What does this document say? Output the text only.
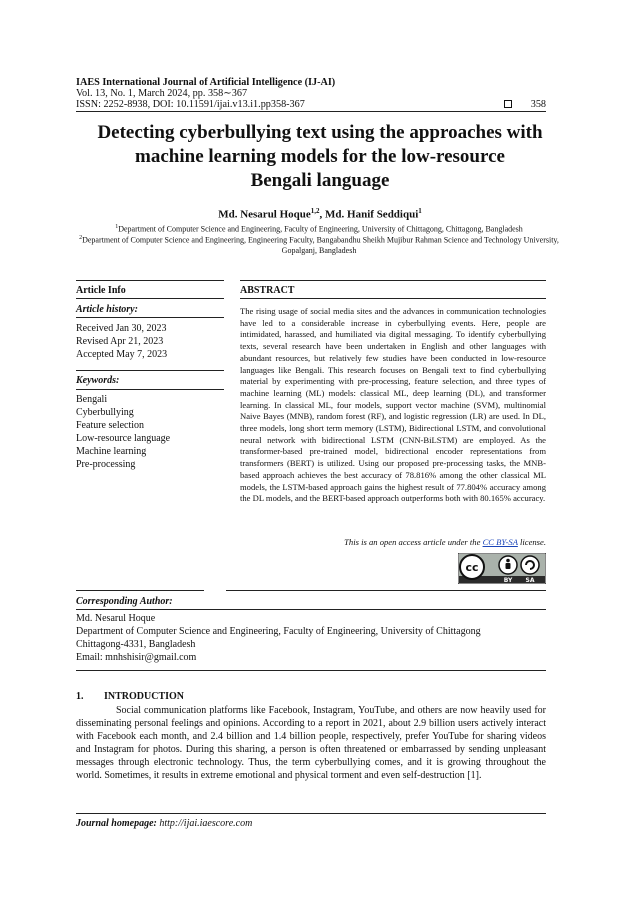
IAES International Journal of Artificial Intelligence (IJ-AI)
Vol. 13, No. 1, March 2024, pp. 358∼367
ISSN: 2252-8938, DOI: 10.11591/ijai.v13.i1.pp358-367	358
Detecting cyberbullying text using the approaches with
machine learning models for the low-resource
Bengali language
Md. Nesarul Hoque$^{1,2}$, Md. Hanif Seddiqui$^1$
$^1$Department of Computer Science and Engineering, Faculty of Engineering, University of Chittagong, Chittagong, Bangladesh
$^2$Department of Computer Science and Engineering, Engineering Faculty, Bangabandhu Sheikh Mujibur Rahman Science and Technology University, Gopalganj, Bangladesh
Article Info	ABSTRACT
Article history:
Received Jan 30, 2023
Revised Apr 21, 2023
Accepted May 7, 2023
Keywords:
Bengali
Cyberbullying
Feature selection
Low-resource language
Machine learning
Pre-processing
The rising usage of social media sites and the advances in communication technologies have led to a considerable increase in cyberbullying events. Here, people are intimidated, harassed, and humiliated via digital messaging. To identify cyberbullying texts, several research have been undertaken in English and other languages with abundant resources, but relatively few studies have been conducted in low-resource languages like Bengali. This research focuses on Bengali text to find cyberbullying material by experimenting with pre-processing, feature selection, and three types of machine learning (ML) models: classical ML, deep learning (DL), and transformer learning. In classical ML, four models, support vector machine (SVM), multinomial Naive Bayes (MNB), random forest (RF), and logistic regression (LR) are used. In DL, three models, long short term memory (LSTM), Bidirectional LSTM, and convolutional neural network with bidirectional LSTM (CNN-BiLSTM) are employed. As the transformer-based pre-trained model, bidirectional encoder representations from transformers (BERT) is utilized. Using our proposed pre-processing tasks, the MNB-based approach achieves the best accuracy of 78.816% among the other classical ML models, the LSTM-based approach gains the highest result of 77.804% accuracy among the DL models, and the BERT-based approach outperforms both with 80.165% accuracy.
This is an open access article under the CC BY-SA license.
cc
BY SA
Corresponding Author:
Md. Nesarul Hoque
Department of Computer Science and Engineering, Faculty of Engineering, University of Chittagong
Chittagong-4331, Bangladesh
Email: mnhshisir@gmail.com
1. INTRODUCTION
Social communication platforms like Facebook, Instagram, YouTube, and others are now heavily used for disseminating personal feelings and opinions. According to a report in 2021, about 2.9 billion users actively interact with Facebook each month, and 2.4 billion and 1.4 billion people, respectively, prefer YouTube for sharing videos and Instagram for photos. During this sharing, a person is often threatened or embarrassed by sending unpleasant messages through electronic technology. Thus, the term cyberbullying comes, and it is growing throughout the world. Sometimes, it results in extreme emotional and physical torment and even self-destruction [1].
Journal homepage: http://ijai.iaescore.com
